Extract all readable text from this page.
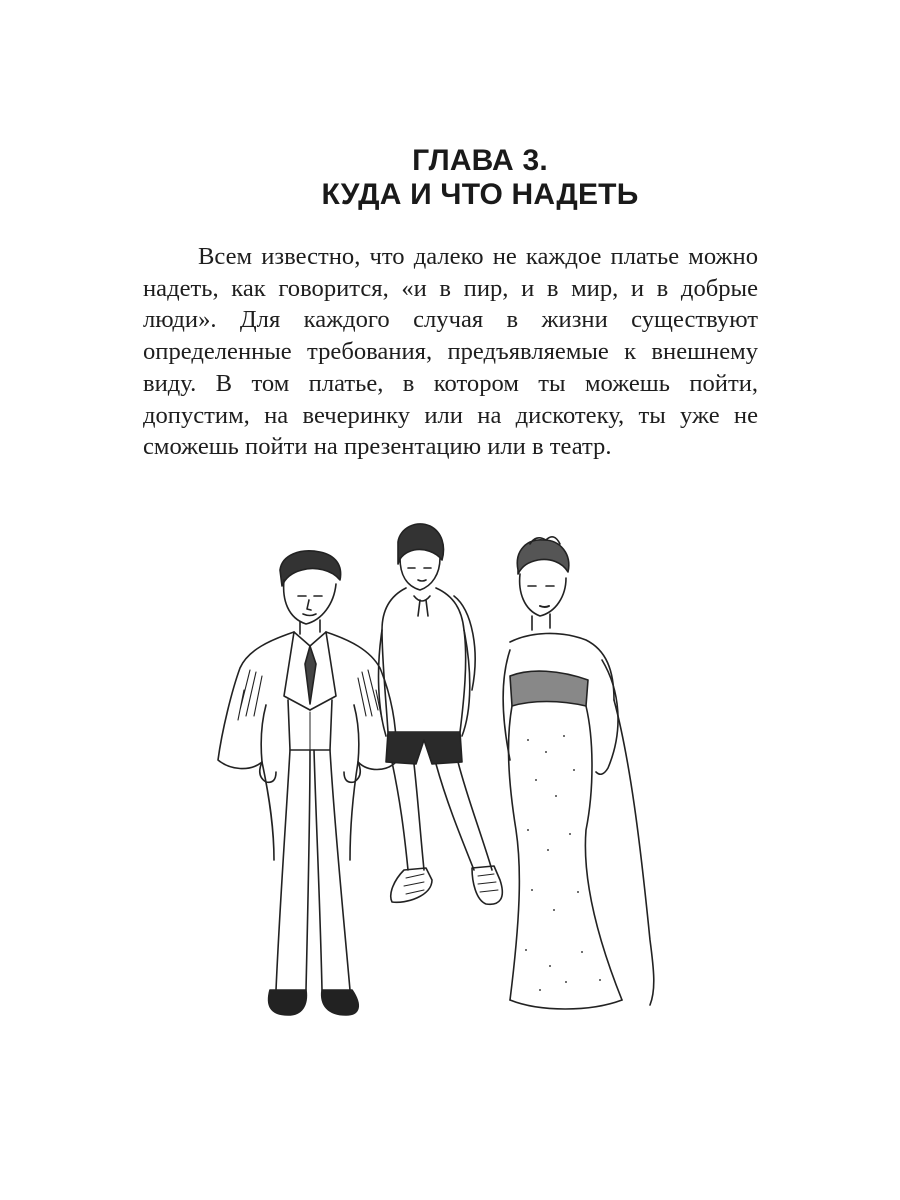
ГЛАВА 3.
КУДА И ЧТО НАДЕТЬ

Всем известно, что далеко не каждое платье можно надеть, как говорится, «и в пир, и в мир, и в добрые люди». Для каждого случая в жизни существуют определенные требования, предъявляемые к внешнему виду. В том платье, в котором ты можешь пойти, допустим, на вечеринку или на дискотеку, ты уже не сможешь пойти на презентацию или в театр.
